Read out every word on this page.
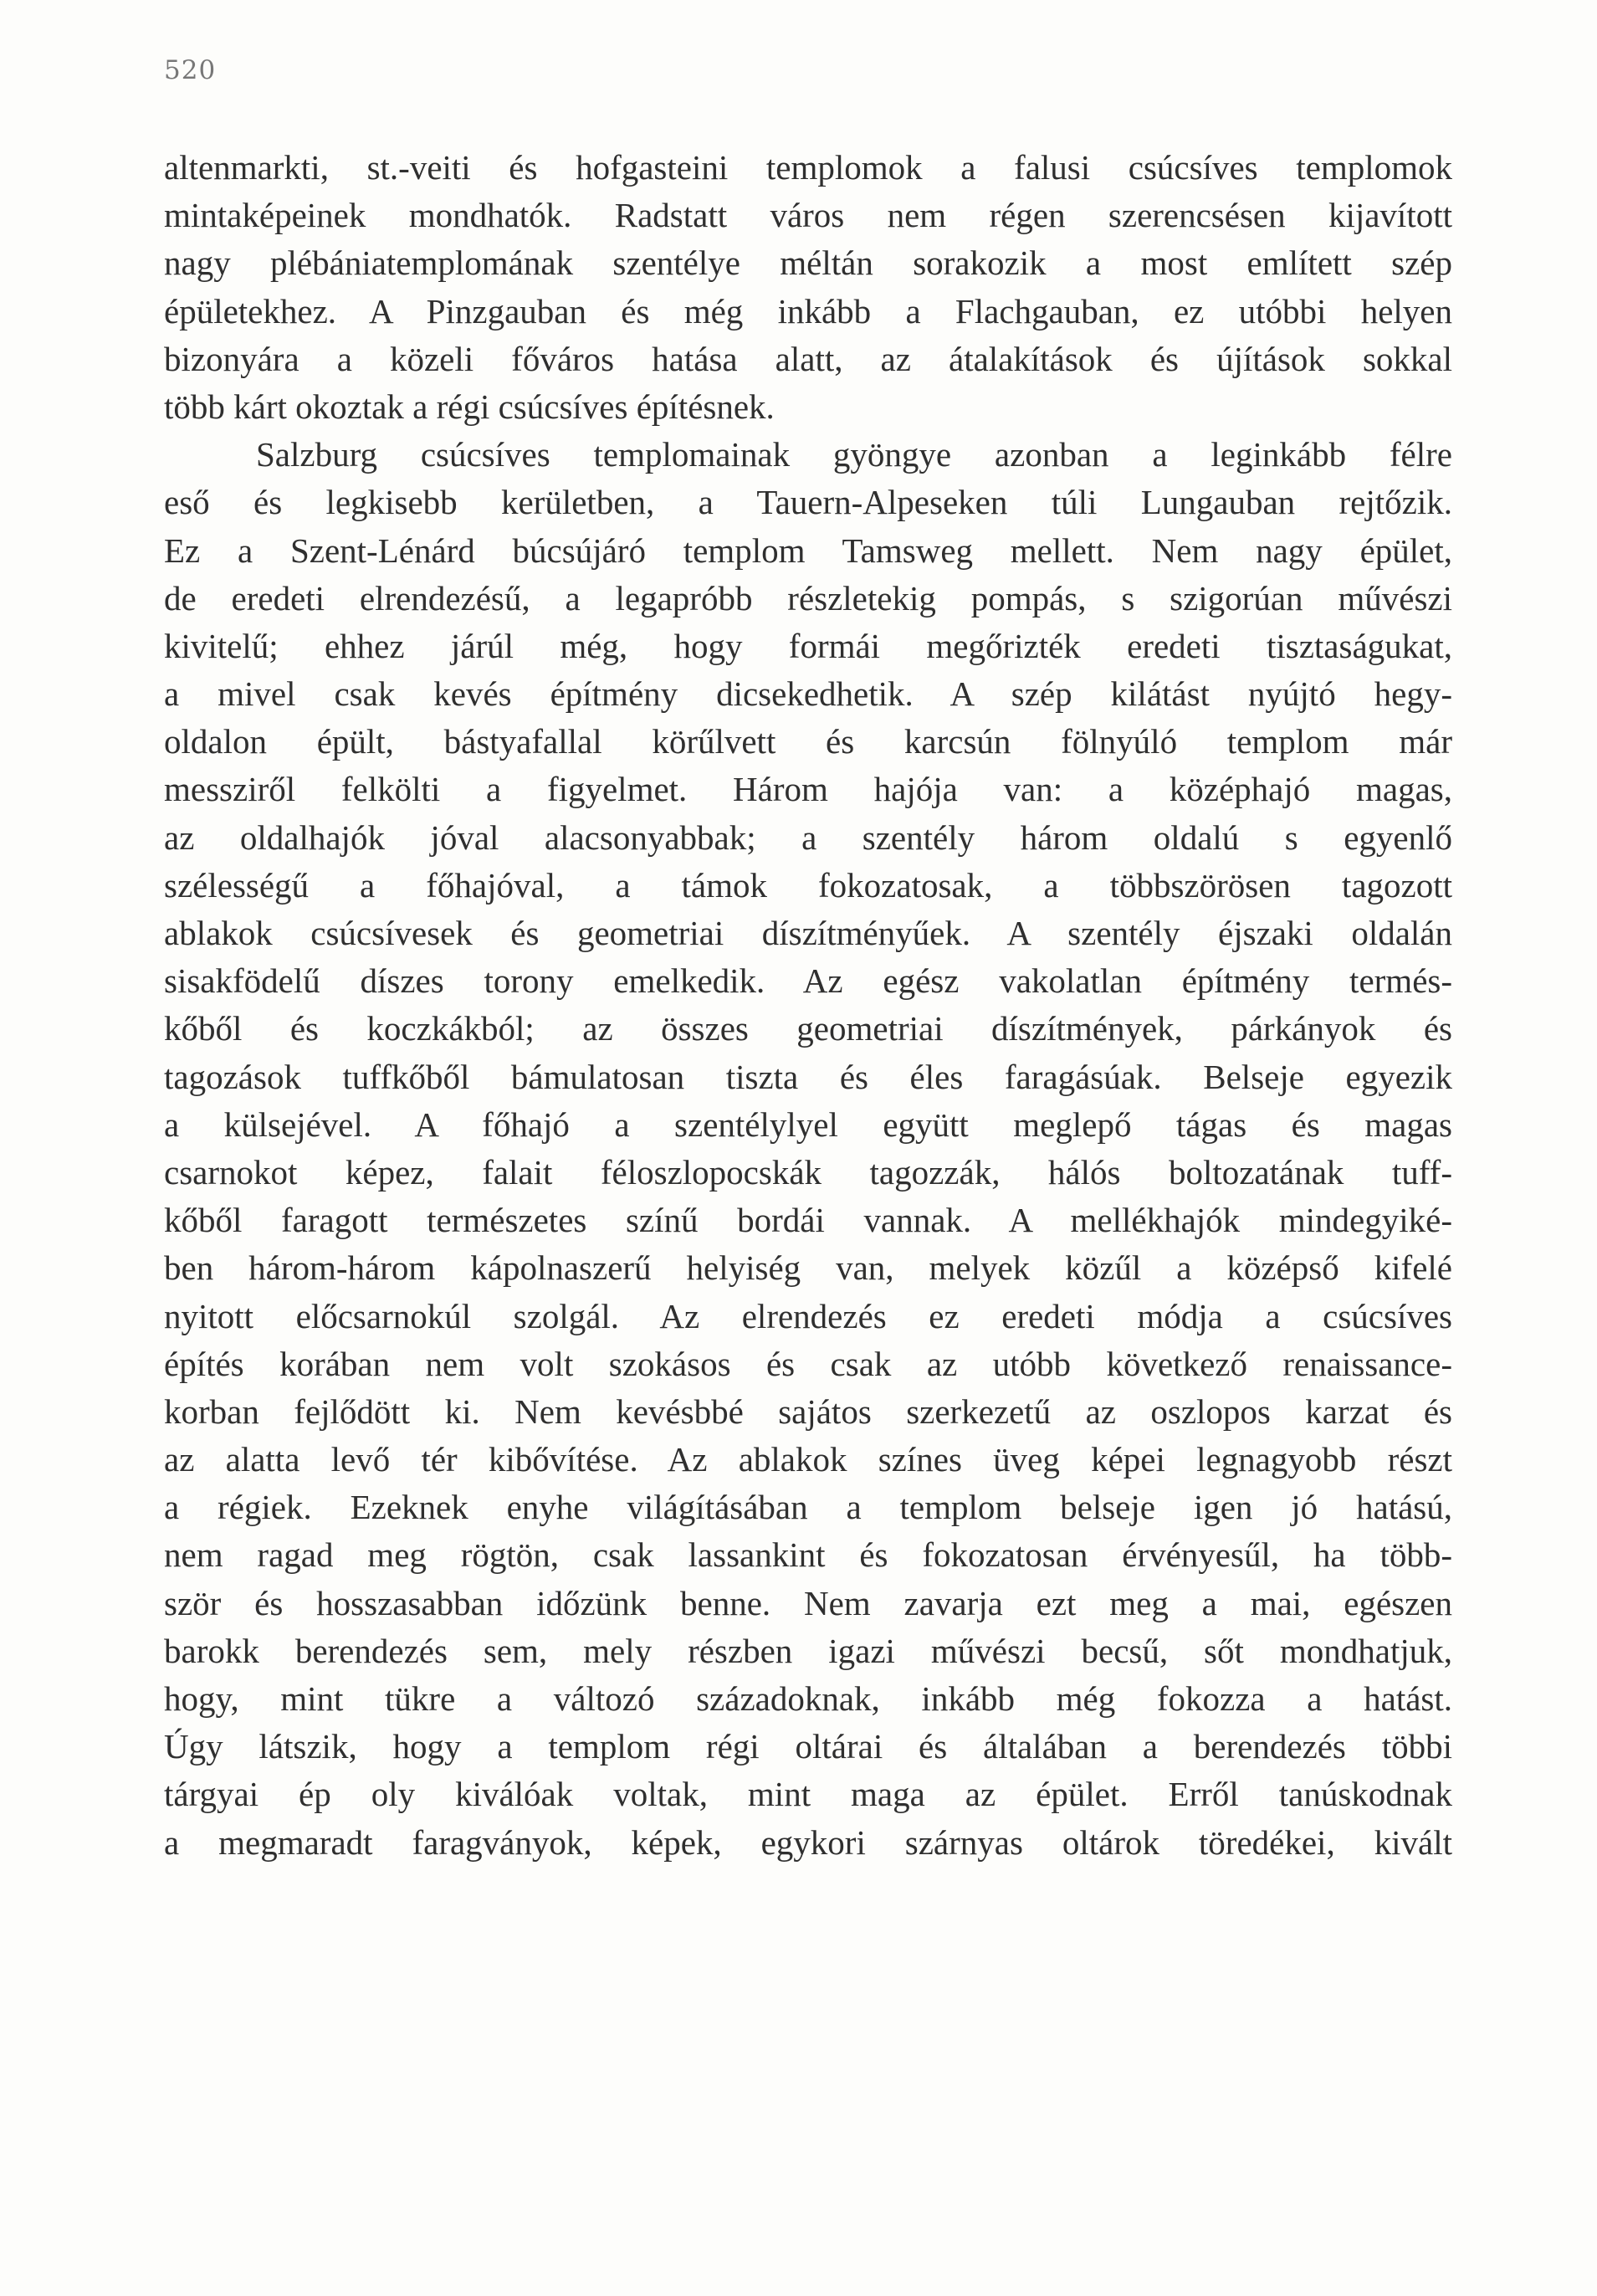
520
altenmarkti, st.-veiti és hofgasteini templomok a falusi csúcsíves templomok
mintaképeinek mondhatók. Radstatt város nem régen szerencsésen kijavított
nagy plébániatemplomának szentélye méltán sorakozik a most említett szép
épületekhez. A Pinzgauban és még inkább a Flachgauban, ez utóbbi helyen
bizonyára a közeli főváros hatása alatt, az átalakítások és újítások sokkal
több kárt okoztak a régi csúcsíves építésnek.
Salzburg csúcsíves templomainak gyöngye azonban a leginkább félre
eső és legkisebb kerületben, a Tauern-Alpeseken túli Lungauban rejtőzik.
Ez a Szent-Lénárd búcsújáró templom Tamsweg mellett. Nem nagy épület,
de eredeti elrendezésű, a legapróbb részletekig pompás, s szigorúan művészi
kivitelű; ehhez járúl még, hogy formái megőrizték eredeti tisztaságukat,
a mivel csak kevés építmény dicsekedhetik. A szép kilátást nyújtó hegy-
oldalon épült, bástyafallal körűlvett és karcsún fölnyúló templom már
messziről felkölti a figyelmet. Három hajója van: a középhajó magas,
az oldalhajók jóval alacsonyabbak; a szentély három oldalú s egyenlő
szélességű a főhajóval, a támok fokozatosak, a többszörösen tagozott
ablakok csúcsívesek és geometriai díszítményűek. A szentély éjszaki oldalán
sisakfödelű díszes torony emelkedik. Az egész vakolatlan építmény termés-
kőből és koczkákból; az összes geometriai díszítmények, párkányok és
tagozások tuffkőből bámulatosan tiszta és éles faragásúak. Belseje egyezik
a külsejével. A főhajó a szentélylyel együtt meglepő tágas és magas
csarnokot képez, falait féloszlopocskák tagozzák, hálós boltozatának tuff-
kőből faragott természetes színű bordái vannak. A mellékhajók mindegyiké-
ben három-három kápolnaszerű helyiség van, melyek közűl a középső kifelé
nyitott előcsarnokúl szolgál. Az elrendezés ez eredeti módja a csúcsíves
építés korában nem volt szokásos és csak az utóbb következő renaissance-
korban fejlődött ki. Nem kevésbbé sajátos szerkezetű az oszlopos karzat és
az alatta levő tér kibővítése. Az ablakok színes üveg képei legnagyobb részt
a régiek. Ezeknek enyhe világításában a templom belseje igen jó hatású,
nem ragad meg rögtön, csak lassankint és fokozatosan érvényesűl, ha több-
ször és hosszasabban időzünk benne. Nem zavarja ezt meg a mai, egészen
barokk berendezés sem, mely részben igazi művészi becsű, sőt mondhatjuk,
hogy, mint tükre a változó századoknak, inkább még fokozza a hatást.
Úgy látszik, hogy a templom régi oltárai és általában a berendezés többi
tárgyai ép oly kiválóak voltak, mint maga az épület. Erről tanúskodnak
a megmaradt faragványok, képek, egykori szárnyas oltárok töredékei, kivált
